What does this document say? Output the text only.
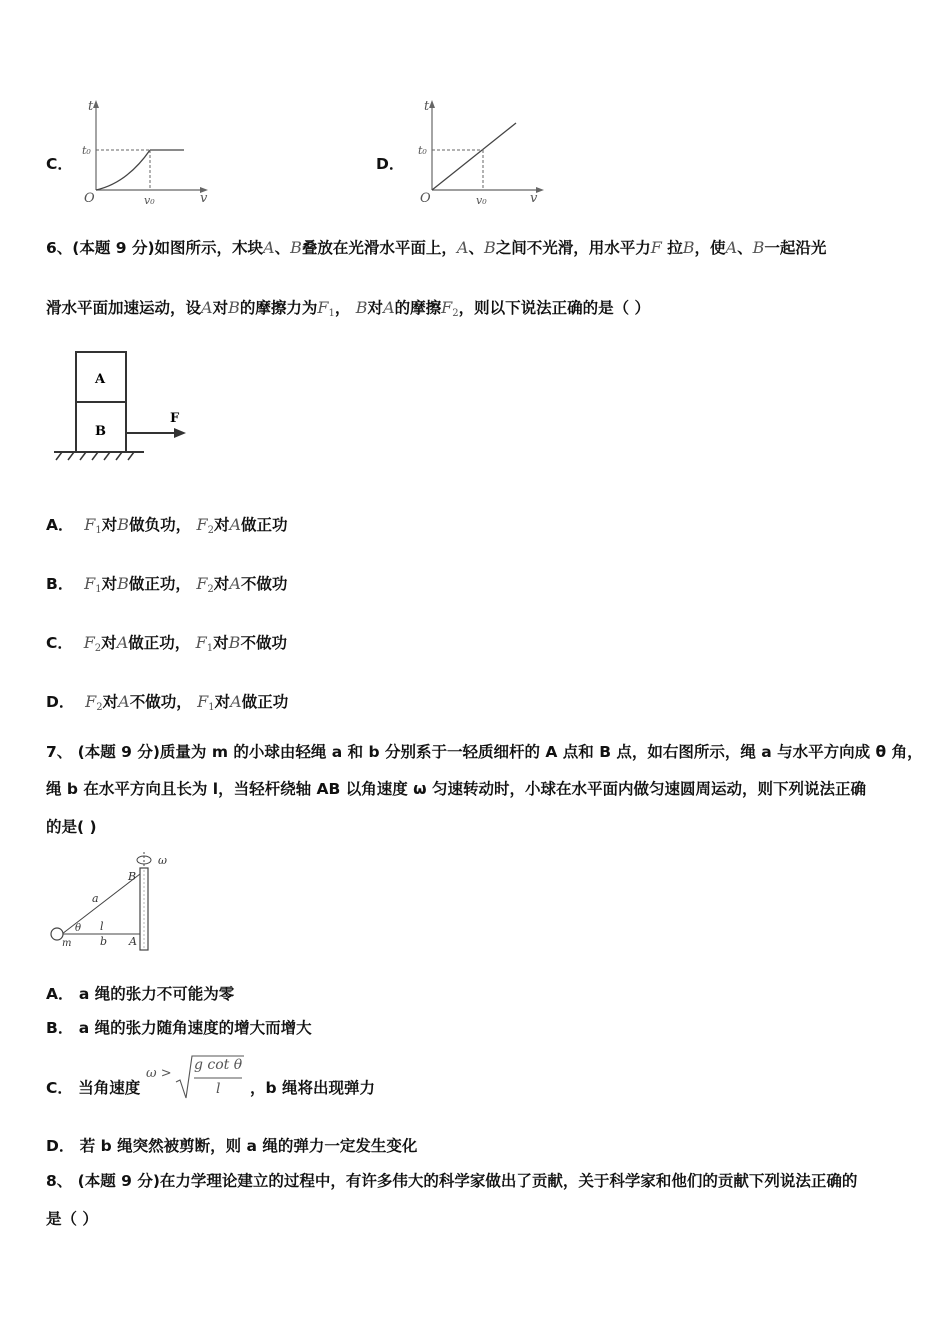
C．
t
t₀
O	v₀	v
D．
t
t₀
O	v₀	v
6、(本题 9 分)如图所示，木块A、B叠放在光滑水平面上，A、B之间不光滑，用水平力F 拉B，使A、B一起沿光
滑水平面加速运动，设A对B的摩擦力为$F_1$， B对A的摩擦$F_2$，则以下说法正确的是（ ）
A
B
F
A． $F_1$对B做负功， $F_2$对A做正功
B． $F_1$对B做正功， $F_2$对A不做功
C． $F_2$对A做正功， $F_1$对B不做功
D． $F_2$对A不做功， $F_1$对A做正功
7、 (本题 9 分)质量为 m 的小球由轻绳 a 和 b 分别系于一轻质细杆的 A 点和 B 点，如右图所示，绳 a 与水平方向成 θ 角，
绳 b 在水平方向且长为 l，当轻杆绕轴 AB 以角速度 ω 匀速转动时，小球在水平面内做匀速圆周运动，则下列说法正确
的是( )
ω
B
a
θ l
b
m	A
A． a 绳的张力不可能为零
B． a 绳的张力随角速度的增大而增大
C． 当角速度
ω >
g cot θ
l ，b 绳将出现弹力
D． 若 b 绳突然被剪断，则 a 绳的弹力一定发生变化
8、 (本题 9 分)在力学理论建立的过程中，有许多伟大的科学家做出了贡献，关于科学家和他们的贡献下列说法正确的
是（ ）
